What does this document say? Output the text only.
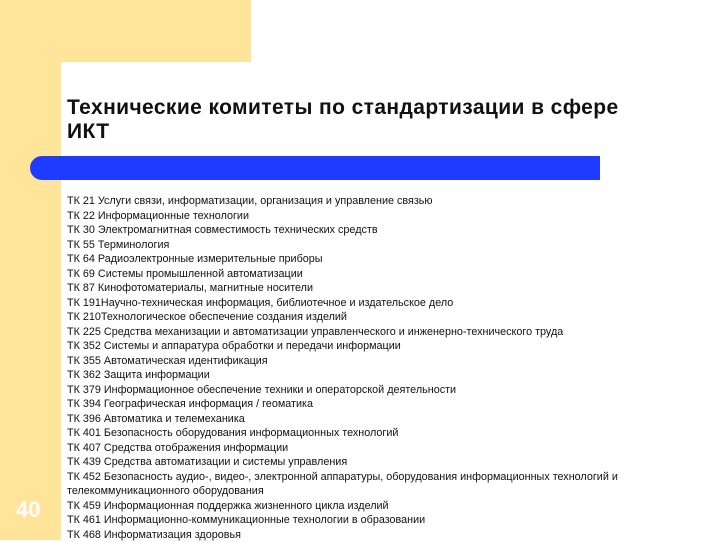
Технические комитеты по стандартизации в сфере ИКТ
ТК 21 Услуги связи, информатизации, организация и управление связью
ТК 22 Информационные технологии
ТК 30 Электромагнитная совместимость технических средств
ТК 55 Терминология
ТК 64 Радиоэлектронные измерительные приборы
ТК 69 Системы промышленной автоматизации
ТК 87 Кинофотоматериалы, магнитные носители
ТК 191Научно-техническая информация, библиотечное и издательское дело
ТК 210Технологическое обеспечение создания изделий
ТК 225 Средства механизации и автоматизации управленческого и инженерно-технического труда
ТК 352 Системы и аппаратура обработки и передачи информации
ТК 355 Автоматическая идентификация
ТК 362 Защита информации
ТК 379 Информационное обеспечение техники и операторской деятельности
ТК 394 Географическая информация / геоматика
ТК 396 Автоматика и телемеханика
ТК 401 Безопасность оборудования информационных технологий
ТК 407 Средства отображения информации
ТК 439 Средства автоматизации и системы управления
ТК 452 Безопасность аудио-, видео-, электронной аппаратуры, оборудования информационных технологий и телекоммуникационного оборудования
ТК 459 Информационная поддержка жизненного цикла изделий
ТК 461 Информационно-коммуникационные технологии в образовании
ТК 468 Информатизация здоровья
40
